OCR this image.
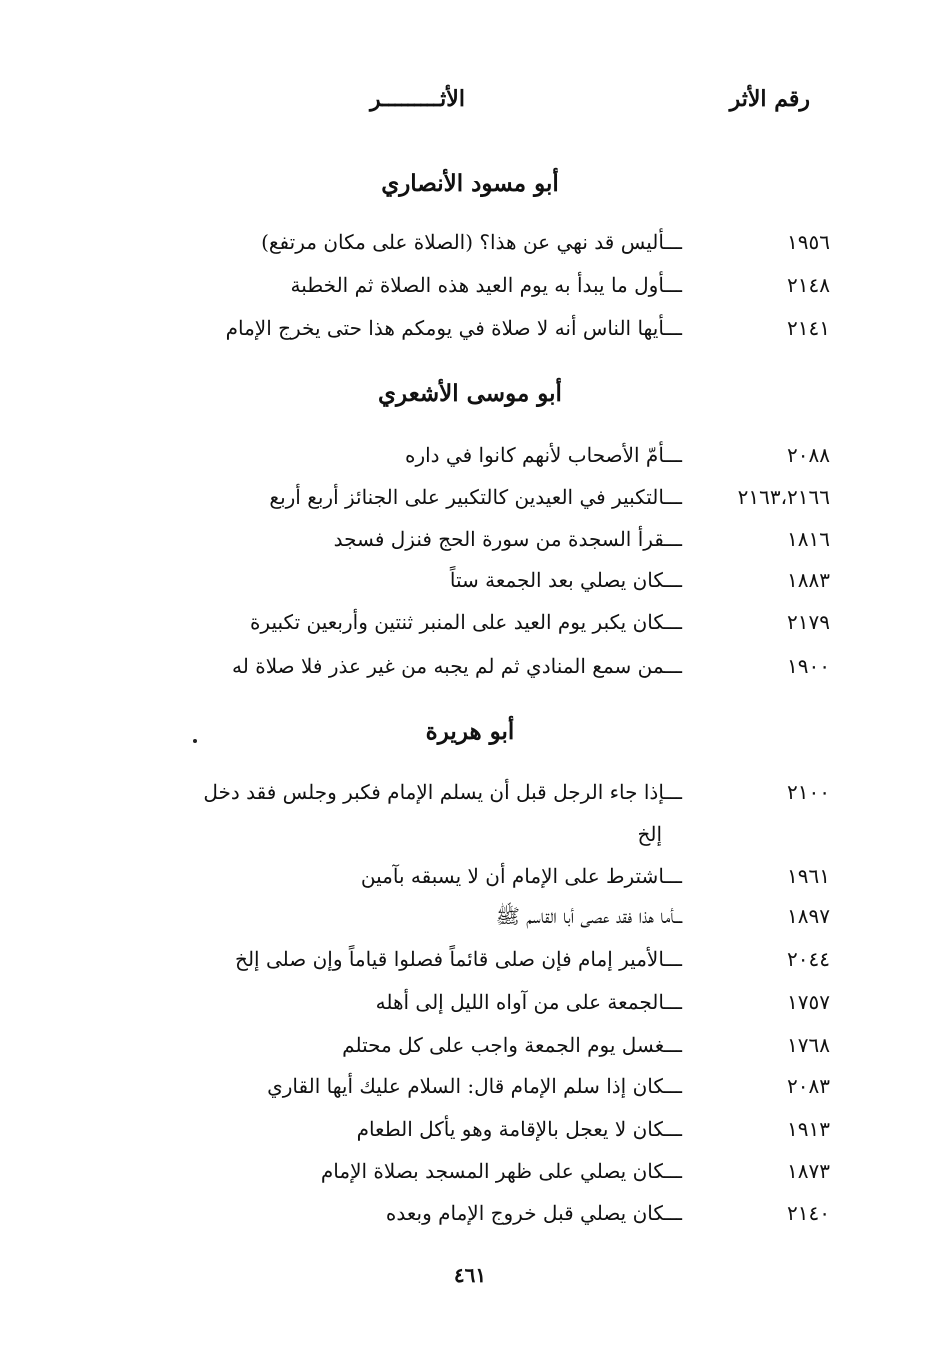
رقم الأثر
الأثـــــــــر
أبو مسود الأنصاري
١٩٥٦
ـــ أليس قد نهي عن هذا؟ (الصلاة على مكان مرتفع)
٢١٤٨
ـــ أول ما يبدأ به يوم العيد هذه الصلاة ثم الخطبة
٢١٤١
ـــ أيها الناس أنه لا صلاة في يومكم هذا حتى يخرج الإمام
أبو موسى الأشعري
٢٠٨٨
ـــ أمّ الأصحاب لأنهم كانوا في داره
٢١٦٣،٢١٦٦
ـــ التكبير في العيدين كالتكبير على الجنائز أربع أربع
١٨١٦
ـــ قرأ السجدة من سورة الحج فنزل فسجد
١٨٨٣
ـــ كان يصلي بعد الجمعة ستاً
٢١٧٩
ـــ كان يكبر يوم العيد على المنبر ثنتين وأربعين تكبيرة
١٩٠٠
ـــ من سمع المنادي ثم لم يجبه من غير عذر فلا صلاة له
أبو هريرة
٢١٠٠
ـــ إذا جاء الرجل قبل أن يسلم الإمام فكبر وجلس فقد دخل
إلخ
١٩٦١
ـــ اشترط على الإمام أن لا يسبقه بآمين
١٨٩٧
ـــ أما هذا فقد عصى أبا القاسم ﷺ
٢٠٤٤
ـــ الأمير إمام فإن صلى قائماً فصلوا قياماً وإن صلى إلخ
١٧٥٧
ـــ الجمعة على من آواه الليل إلى أهله
١٧٦٨
ـــ غسل يوم الجمعة واجب على كل محتلم
٢٠٨٣
ـــ كان إذا سلم الإمام قال: السلام عليك أيها القاري
١٩١٣
ـــ كان لا يعجل بالإقامة وهو يأكل الطعام
١٨٧٣
ـــ كان يصلي على ظهر المسجد بصلاة الإمام
٢١٤٠
ـــ كان يصلي قبل خروج الإمام وبعده
٤٦١
